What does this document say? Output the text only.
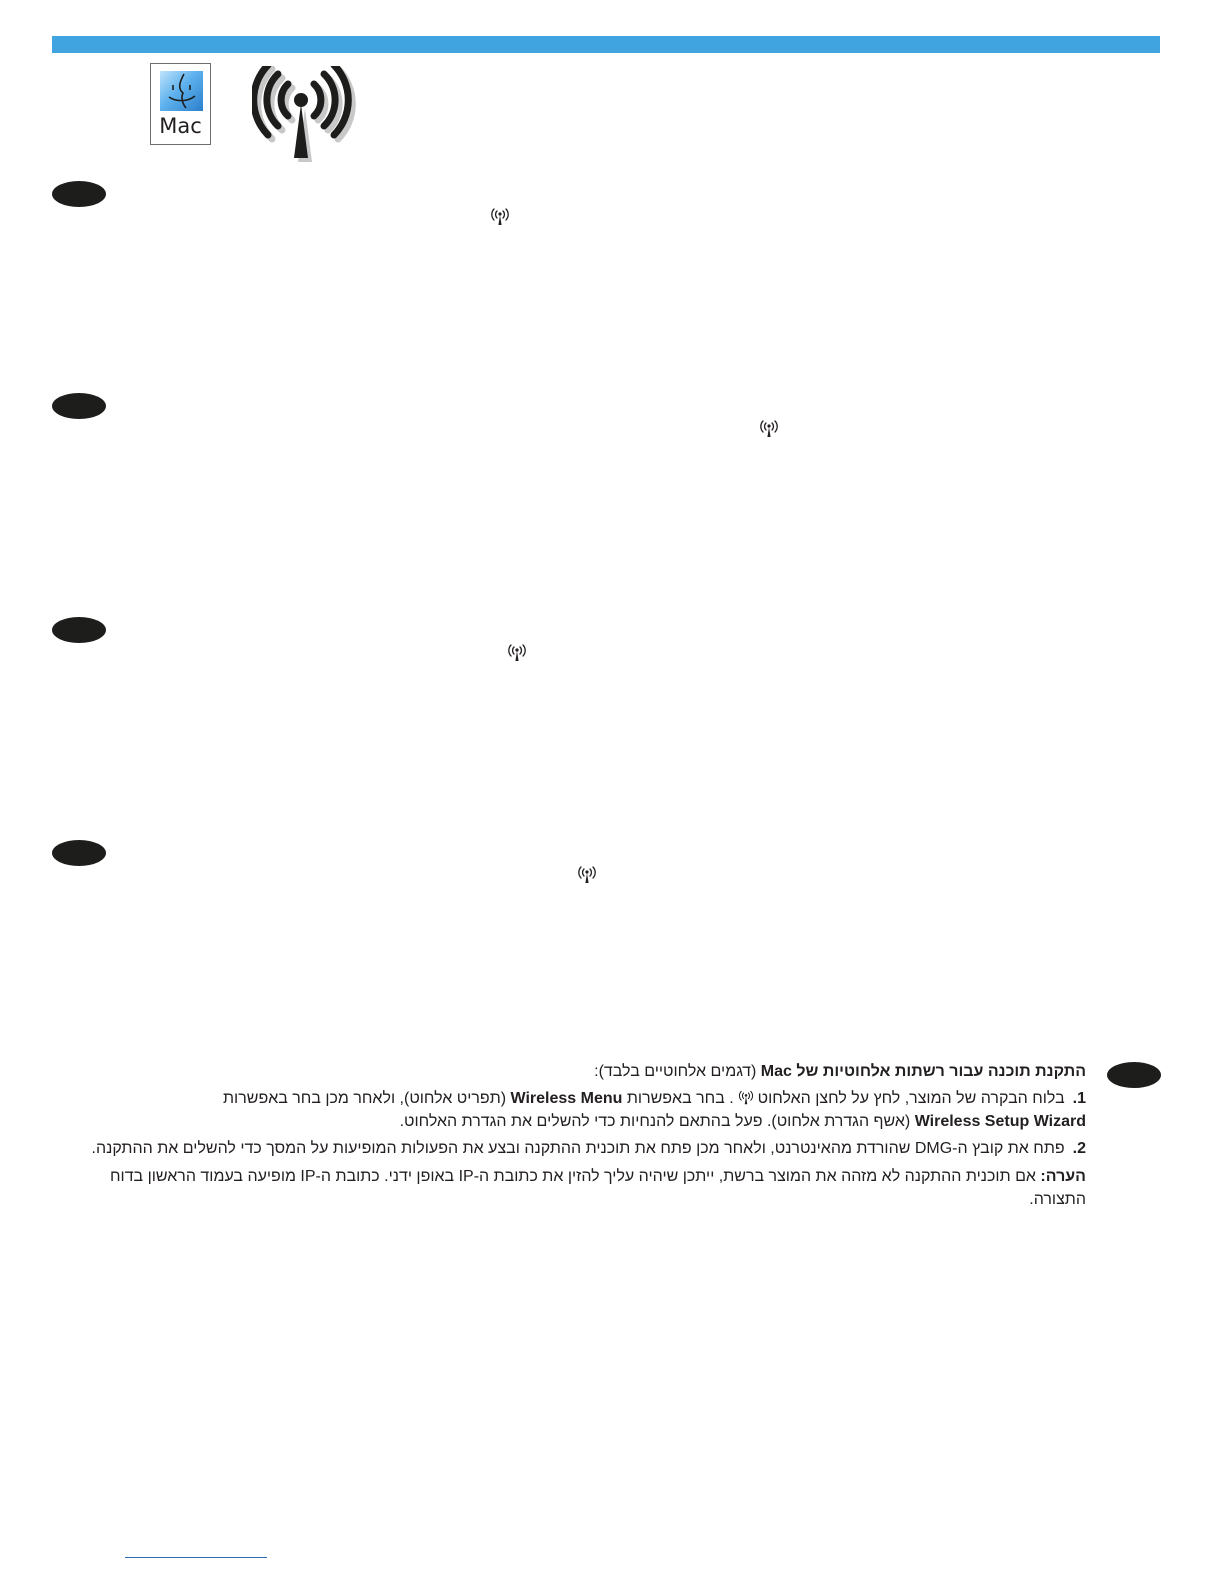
Mac
התקנת תוכנה עבור רשתות אלחוטיות של Mac (דגמים אלחוטיים בלבד):
1.בלוח הבקרה של המוצר, לחץ על לחצן האלחוט. בחר באפשרות Wireless Menu (תפריט אלחוט), ולאחר מכן בחר באפשרות Wireless Setup Wizard (אשף הגדרת אלחוט). פעל בהתאם להנחיות כדי להשלים את הגדרת האלחוט.
2.פתח את קובץ ה-DMG שהורדת מהאינטרנט, ולאחר מכן פתח את תוכנית ההתקנה ובצע את הפעולות המופיעות על המסך כדי להשלים את ההתקנה.
הערה: אם תוכנית ההתקנה לא מזהה את המוצר ברשת, ייתכן שיהיה עליך להזין את כתובת ה-IP באופן ידני. כתובת ה-IP מופיעה בעמוד הראשון בדוח התצורה.
